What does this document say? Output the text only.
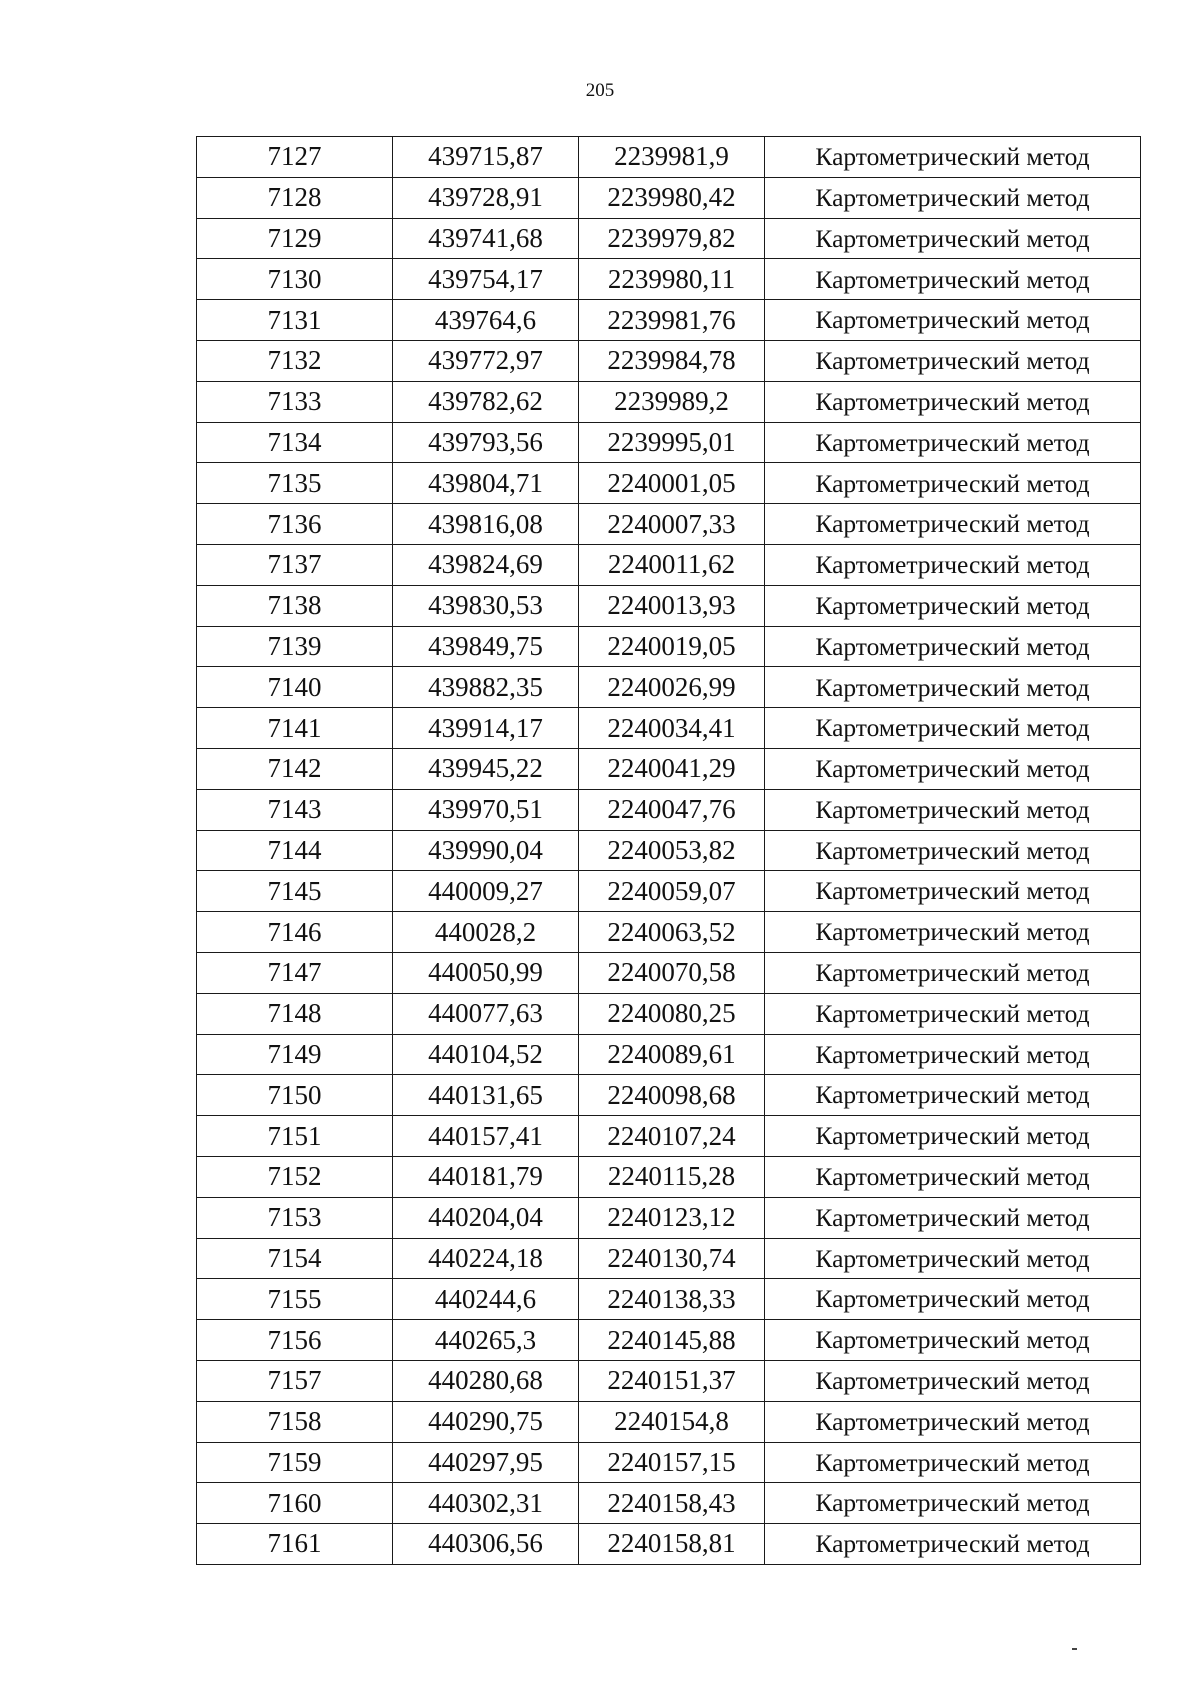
205
7127	439715,87	2239981,9	Картометрический метод
7128	439728,91	2239980,42	Картометрический метод
7129	439741,68	2239979,82	Картометрический метод
7130	439754,17	2239980,11	Картометрический метод
7131	439764,6	2239981,76	Картометрический метод
7132	439772,97	2239984,78	Картометрический метод
7133	439782,62	2239989,2	Картометрический метод
7134	439793,56	2239995,01	Картометрический метод
7135	439804,71	2240001,05	Картометрический метод
7136	439816,08	2240007,33	Картометрический метод
7137	439824,69	2240011,62	Картометрический метод
7138	439830,53	2240013,93	Картометрический метод
7139	439849,75	2240019,05	Картометрический метод
7140	439882,35	2240026,99	Картометрический метод
7141	439914,17	2240034,41	Картометрический метод
7142	439945,22	2240041,29	Картометрический метод
7143	439970,51	2240047,76	Картометрический метод
7144	439990,04	2240053,82	Картометрический метод
7145	440009,27	2240059,07	Картометрический метод
7146	440028,2	2240063,52	Картометрический метод
7147	440050,99	2240070,58	Картометрический метод
7148	440077,63	2240080,25	Картометрический метод
7149	440104,52	2240089,61	Картометрический метод
7150	440131,65	2240098,68	Картометрический метод
7151	440157,41	2240107,24	Картометрический метод
7152	440181,79	2240115,28	Картометрический метод
7153	440204,04	2240123,12	Картометрический метод
7154	440224,18	2240130,74	Картометрический метод
7155	440244,6	2240138,33	Картометрический метод
7156	440265,3	2240145,88	Картометрический метод
7157	440280,68	2240151,37	Картометрический метод
7158	440290,75	2240154,8	Картометрический метод
7159	440297,95	2240157,15	Картометрический метод
7160	440302,31	2240158,43	Картометрический метод
7161	440306,56	2240158,81	Картометрический метод
